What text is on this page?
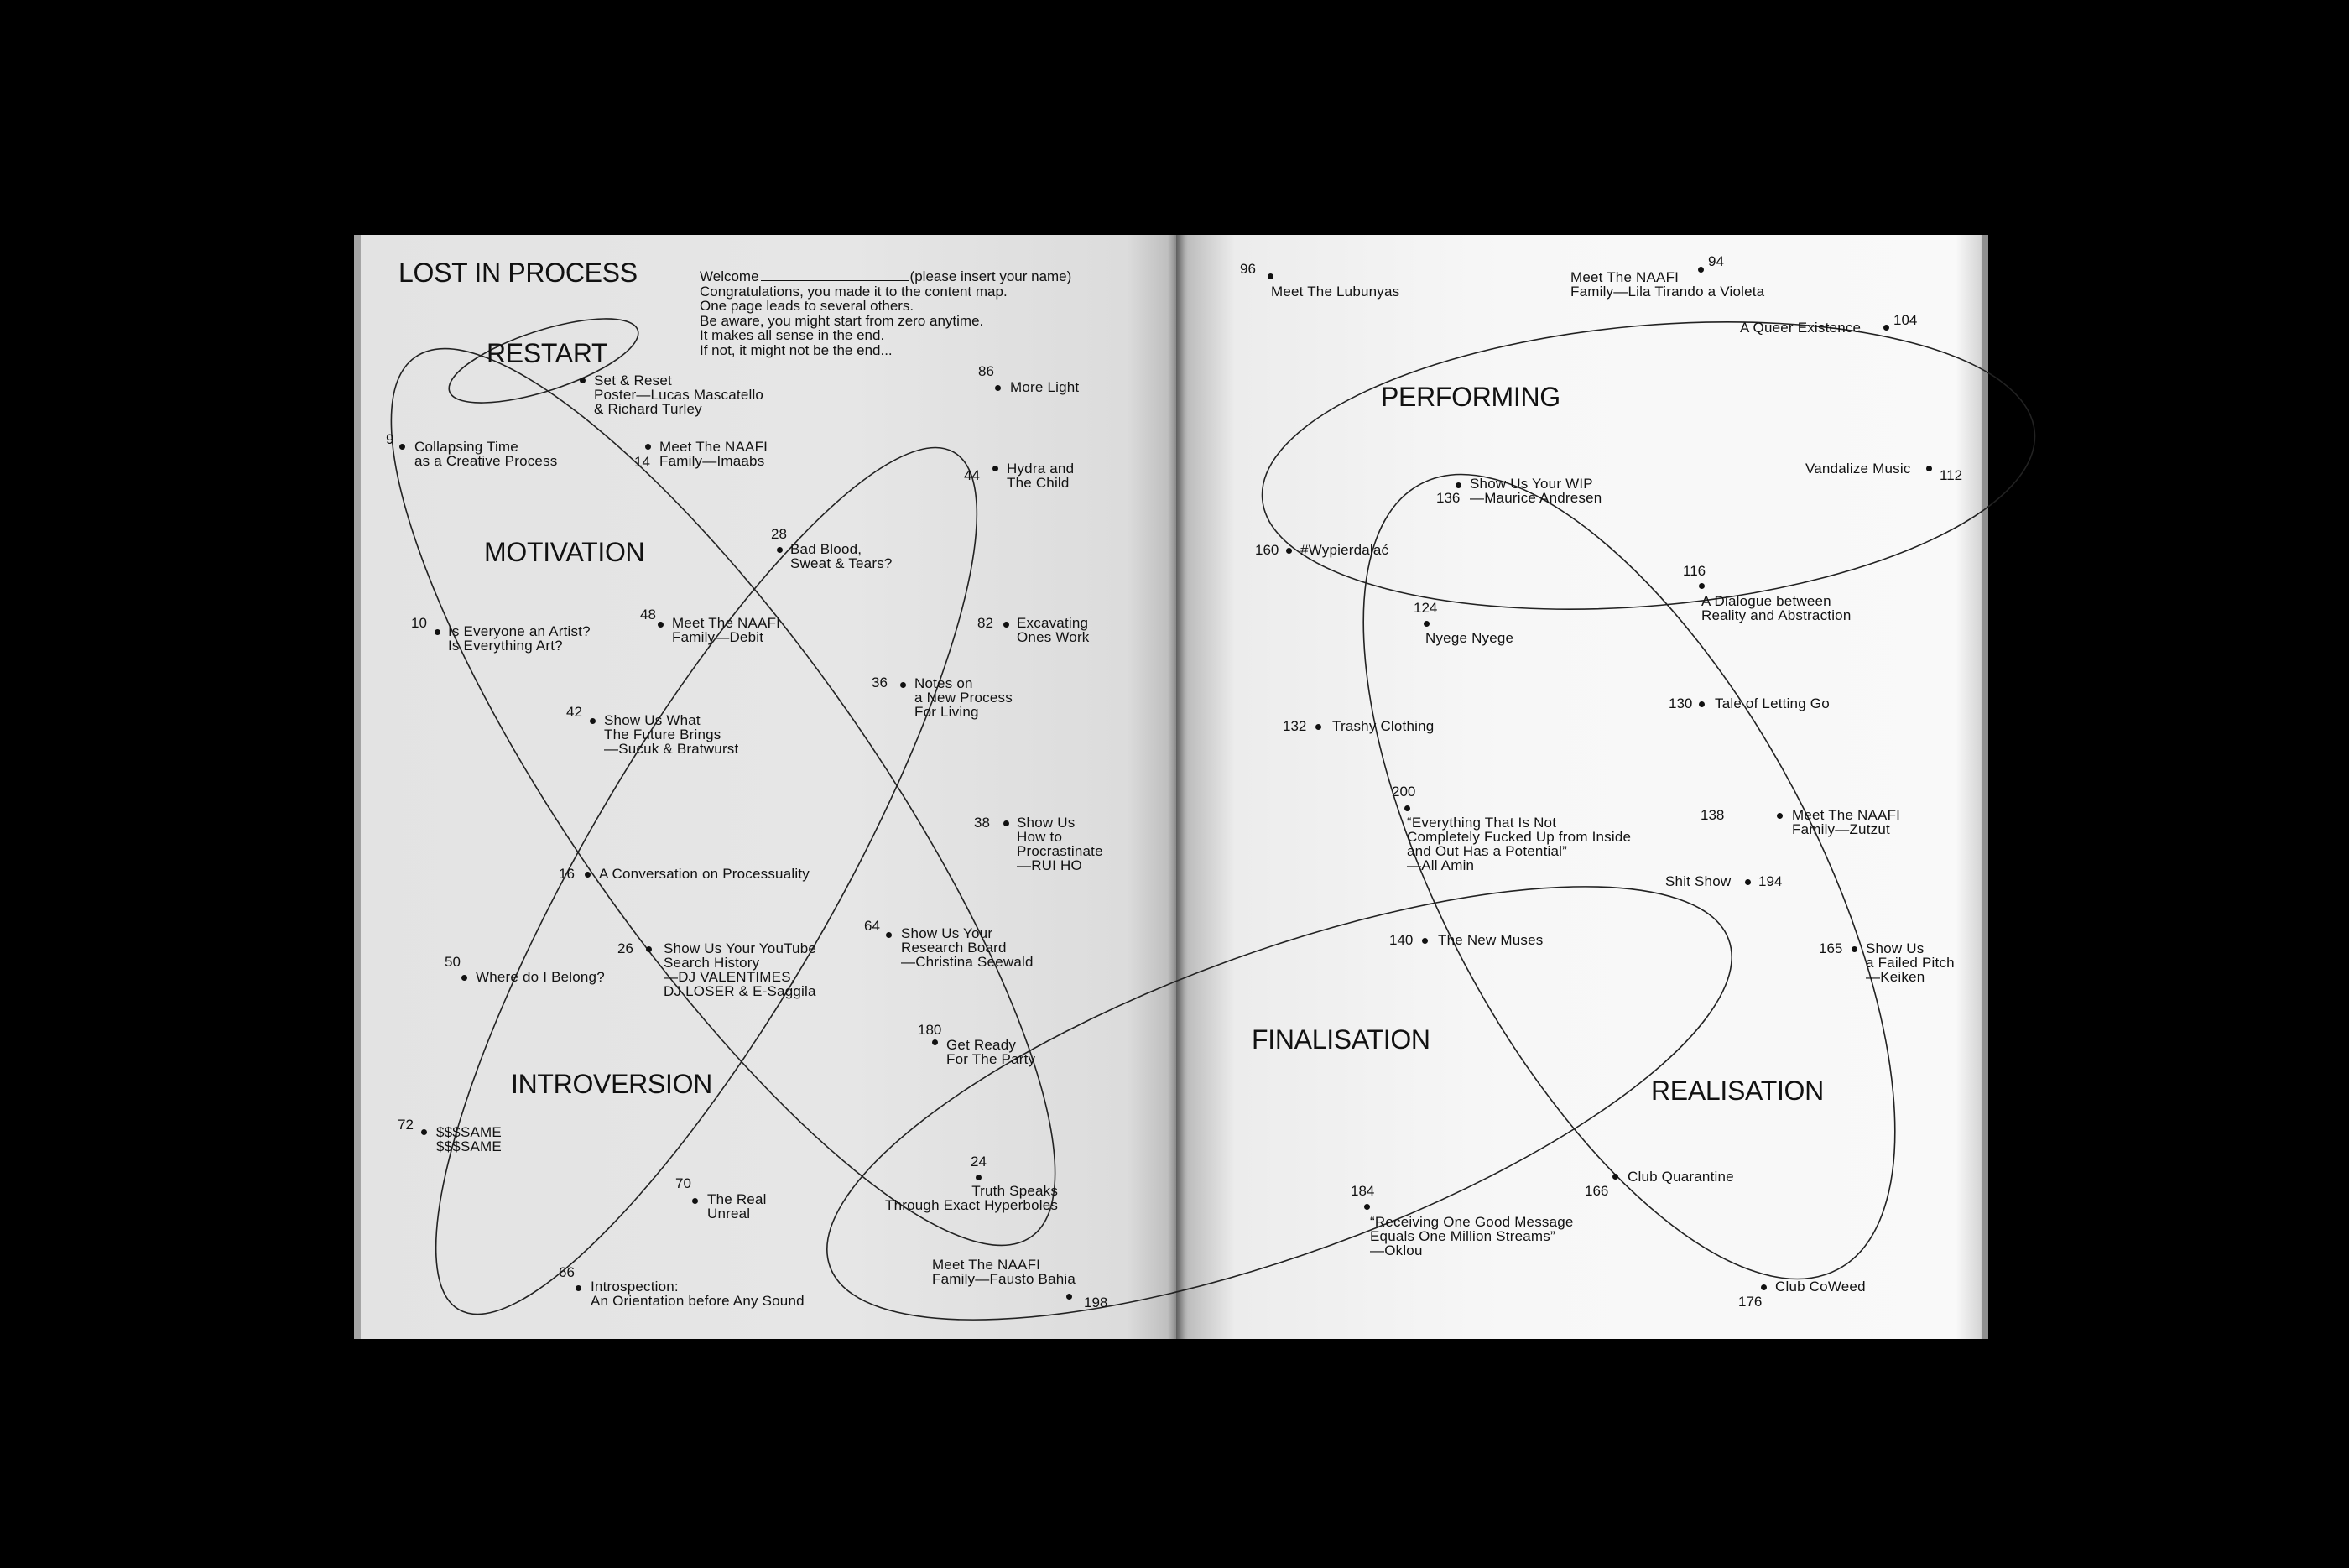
LOST IN PROCESS	Welcome	(please insert your name)
Congratulations, you made it to the content map.
One page leads to several others.
Be aware, you might start from zero anytime.
It makes all sense in the end.
If not, it might not be the end...
RESTART
MOTIVATION
INTROVERSION
PERFORMING
FINALISATION
REALISATION
9 Collapsing Time
as a Creative Process
Set & Reset
Poster—Lucas Mascatello
& Richard Turley
14
Meet The NAAFI
Family—Imaabs
28
Bad Blood,
Sweat & Tears?
10
Is Everyone an Artist?
Is Everything Art?
48
Meet The NAAFI
Family—Debit
42
Show Us What
The Future Brings
—Sucuk & Bratwurst
36 Notes on
a New Process
For Living
16 A Conversation on Processuality
38 Show Us
How to
Procrastinate
—RUI HO
26 Show Us Your YouTube
Search History
—DJ VALENTIMES,
DJ LOSER & E-Saggila
64 Show Us Your
Research Board
—Christina Seewald
50
Where do I Belong?
180
Get Ready
For The Party
72 $$$SAME
$$$SAME
24
Truth Speaks
Through Exact Hyperboles
70
The Real
Unreal
66
Introspection:
An Orientation before Any Sound
Meet The NAAFI
Family—Fausto Bahia
198
86
More Light
44 Hydra and
The Child
82 Excavating
Ones Work
96
Meet The Lubunyas
Meet The NAAFI
Family—Lila Tirando a Violeta
94
A Queer Existence 104
Vandalize Music 112
136
Show Us Your WIP
—Maurice Andresen
160 #Wypierdalać
116
A Dialogue between
Reality and Abstraction
124
Nyege Nyege
130 Tale of Letting Go
132 Trashy Clothing
200
“Everything That Is Not
Completely Fucked Up from Inside
and Out Has a Potential”
—All Amin
138	Meet The NAAFI
Family—Zutzut
Shit Show 194
140 The New Muses
165 Show Us
a Failed Pitch
—Keiken
166
Club Quarantine
184
“Receiving One Good Message
Equals One Million Streams”
—Oklou
176
Club CoWeed
